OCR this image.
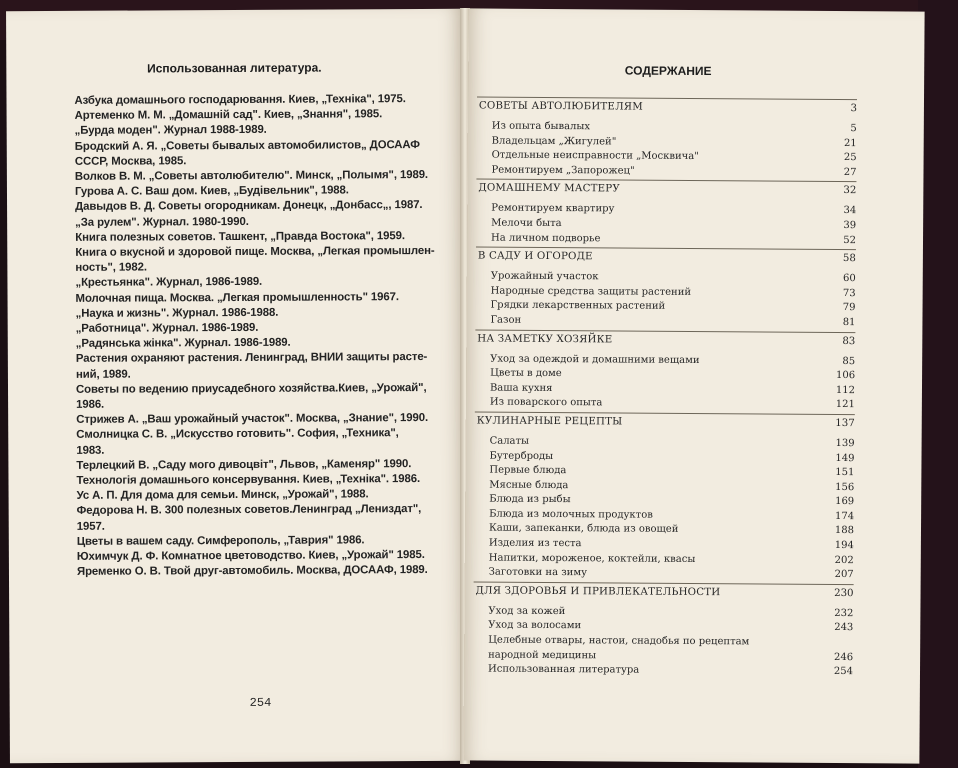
Использованная литература.

Азбука домашнього господарювання. Киев, „Техніка", 1975.

Артеменко М. М. „Домашній сад". Киев, „Знання", 1985.

„Бурда моден". Журнал 1988-1989.

Бродский А. Я. „Советы бывалых автомобилистов„ ДОСААФ

СССР, Москва, 1985.

Волков В. М. „Советы автолюбителю". Минск, „Полымя", 1989.

Гурова А. С. Ваш дом. Киев, „Будівельник", 1988.

Давыдов В. Д. Советы огородникам. Донецк, „Донбасс„, 1987.

„За рулем". Журнал. 1980-1990.

Книга полезных советов. Ташкент, „Правда Востока", 1959.

Книга о вкусной и здоровой пище. Москва, „Легкая промышлен-

ность", 1982.

„Крестьянка". Журнал, 1986-1989.

Молочная пища. Москва. „Легкая промышленность" 1967.

„Наука и жизнь". Журнал. 1986-1988.

„Работница". Журнал. 1986-1989.

„Радянська жінка". Журнал. 1986-1989.

Растения охраняют растения. Ленинград, ВНИИ защиты расте-

ний, 1989.

Советы по ведению приусадебного хозяйства.Киев, „Урожай",

1986.

Стрижев А. „Ваш урожайный участок". Москва, „Знание", 1990.

Смолницка С. В. „Искусство готовить". София, „Техника",

1983.

Терлецкий В. „Саду мого дивоцвіт", Львов, „Каменяр" 1990.

Технологія домашнього консервування. Киев, „Техніка". 1986.

Ус А. П. Для дома для семьи. Минск, „Урожай", 1988.

Федорова Н. В. 300 полезных советов.Ленинград „Лениздат",

1957.

Цветы в вашем саду. Симферополь, „Таврия" 1986.

Юхимчук Д. Ф. Комнатное цветоводство. Киев, „Урожай" 1985.

Яременко О. В. Твой друг-автомобиль. Москва, ДОСААФ, 1989.

254
СОДЕРЖАНИЕ
СОВЕТЫ АВТОЛЮБИТЕЛЯМ	3
Из опыта бывалых	5
Владельцам „Жигулей"	21
Отдельные неисправности „Москвича"	25
Ремонтируем „Запорожец"	27
ДОМАШНЕМУ МАСТЕРУ	32
Ремонтируем квартиру	34
Мелочи быта	39
На личном подворье	52
В САДУ И ОГОРОДЕ	58
Урожайный участок	60
Народные средства защиты растений	73
Грядки лекарственных растений	79
Газон	81
НА ЗАМЕТКУ ХОЗЯЙКЕ	83
Уход за одеждой и домашними вещами	85
Цветы в доме	106
Ваша кухня	112
Из поварского опыта	121
КУЛИНАРНЫЕ РЕЦЕПТЫ	137
Салаты	139
Бутерброды	149
Первые блюда	151
Мясные блюда	156
Блюда из рыбы	169
Блюда из молочных продуктов	174
Каши, запеканки, блюда из овощей	188
Изделия из теста	194
Напитки, мороженое, коктейли, квасы	202
Заготовки на зиму	207
ДЛЯ ЗДОРОВЬЯ И ПРИВЛЕКАТЕЛЬНОСТИ	230
Уход за кожей	232
Уход за волосами	243
Целебные отвары, настои, снадобья по рецептам
народной медицины	246
Использованная литература	254
